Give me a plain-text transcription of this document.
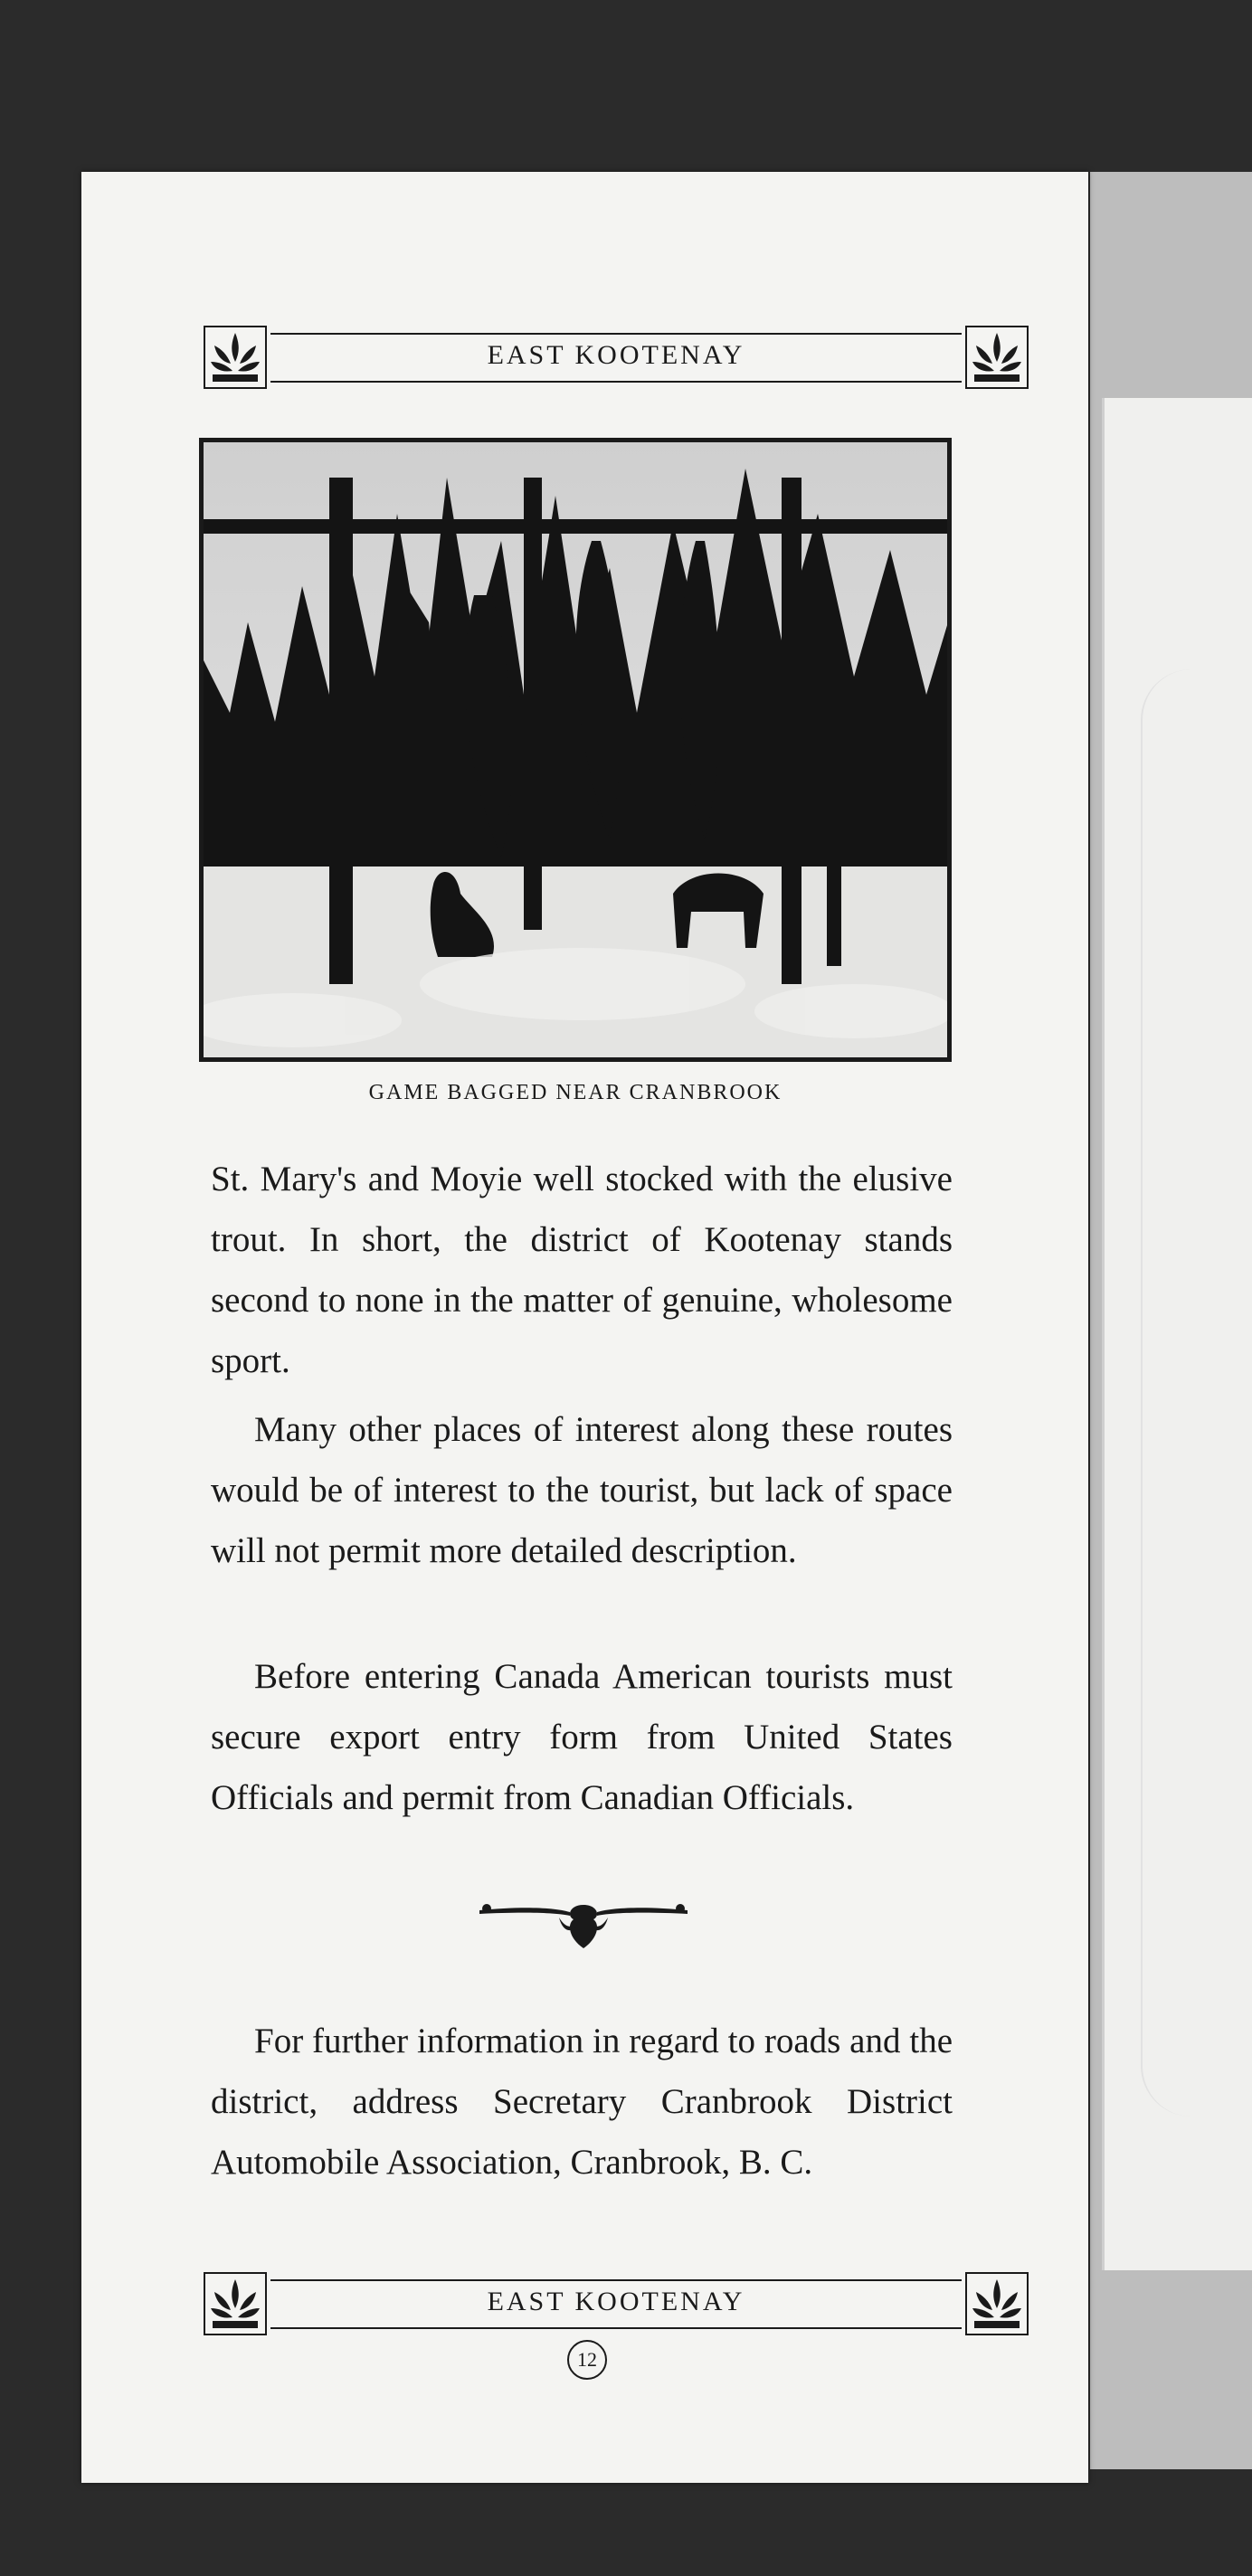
EAST KOOTENAY
GAME BAGGED NEAR CRANBROOK

St. Mary's and Moyie well stocked with the elusive trout. In short, the district of Kootenay stands second to none in the matter of genuine, wholesome sport.

Many other places of interest along these routes would be of interest to the tourist, but lack of space will not permit more detailed description.

Before entering Canada American tourists must secure export entry form from United States Officials and permit from Canadian Officials.

For further information in regard to roads and the district, address Secretary Cranbrook District Automobile Association, Cranbrook, B. C.

EAST KOOTENAY
12
